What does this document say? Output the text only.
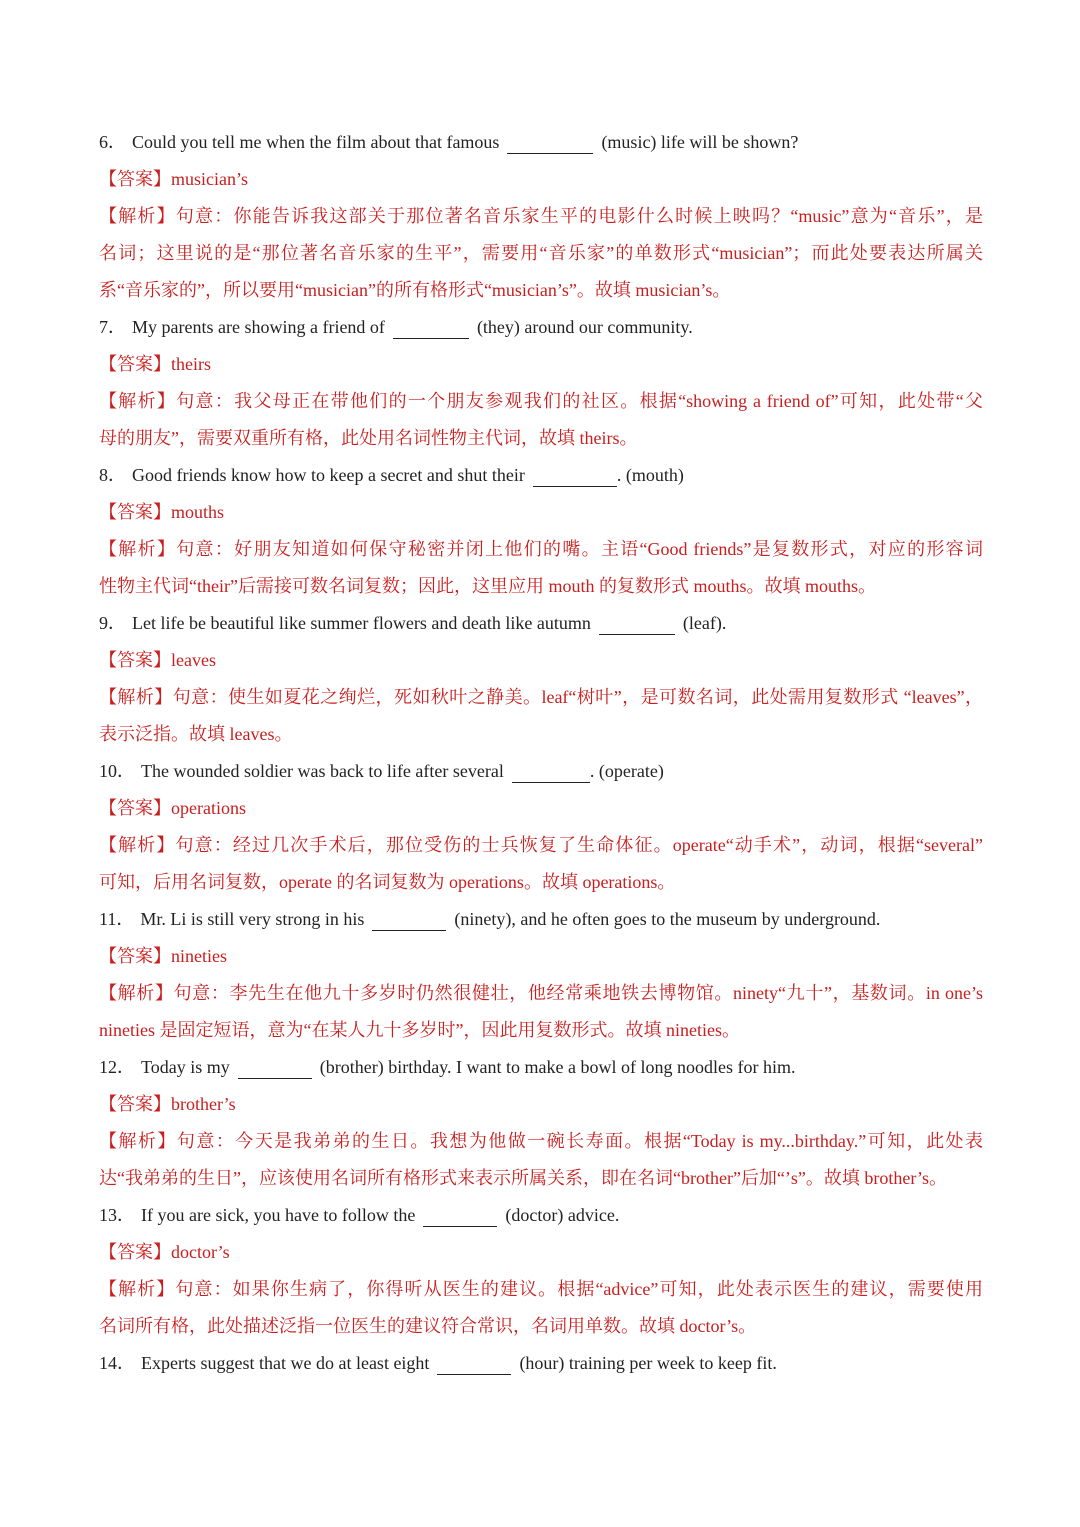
6． Could you tell me when the film about that famous	(music) life will be shown?
【答案】musician’s
【解析】句意：你能告诉我这部关于那位著名音乐家生平的电影什么时候上映吗？“music”意为“音乐”，是
名词；这里说的是“那位著名音乐家的生平”，需要用“音乐家”的单数形式“musician”；而此处要表达所属关
系“音乐家的”，所以要用“musician”的所有格形式“musician’s”。故填 musician’s。
7． My parents are showing a friend of	(they) around our community.
【答案】theirs
【解析】句意：我父母正在带他们的一个朋友参观我们的社区。根据“showing a friend of”可知，此处带“父
母的朋友”，需要双重所有格，此处用名词性物主代词，故填 theirs。
8． Good friends know how to keep a secret and shut their	. (mouth)
【答案】mouths
【解析】句意：好朋友知道如何保守秘密并闭上他们的嘴。主语“Good friends”是复数形式，对应的形容词
性物主代词“their”后需接可数名词复数；因此，这里应用 mouth 的复数形式 mouths。故填 mouths。
9． Let life be beautiful like summer flowers and death like autumn	(leaf).
【答案】leaves
【解析】句意：使生如夏花之绚烂，死如秋叶之静美。leaf“树叶”，是可数名词，此处需用复数形式 “leaves”，
表示泛指。故填 leaves。
10． The wounded soldier was back to life after several	. (operate)
【答案】operations
【解析】句意：经过几次手术后，那位受伤的士兵恢复了生命体征。operate“动手术”，动词，根据“several”
可知，后用名词复数，operate 的名词复数为 operations。故填 operations。
11． Mr. Li is still very strong in his	(ninety), and he often goes to the museum by underground.
【答案】nineties
【解析】句意：李先生在他九十多岁时仍然很健壮，他经常乘地铁去博物馆。ninety“九十”，基数词。in one’s
nineties 是固定短语，意为“在某人九十多岁时”，因此用复数形式。故填 nineties。
12． Today is my	(brother) birthday. I want to make a bowl of long noodles for him.
【答案】brother’s
【解析】句意：今天是我弟弟的生日。我想为他做一碗长寿面。根据“Today is my...birthday.”可知，此处表
达“我弟弟的生日”，应该使用名词所有格形式来表示所属关系，即在名词“brother”后加“’s”。故填 brother’s。
13． If you are sick, you have to follow the	(doctor) advice.
【答案】doctor’s
【解析】句意：如果你生病了，你得听从医生的建议。根据“advice”可知，此处表示医生的建议，需要使用
名词所有格，此处描述泛指一位医生的建议符合常识，名词用单数。故填 doctor’s。
14． Experts suggest that we do at least eight	(hour) training per week to keep fit.
